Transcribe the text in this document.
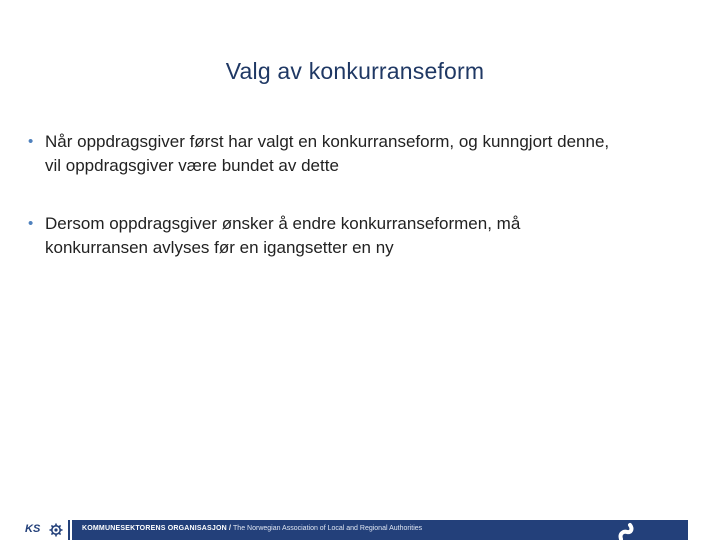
Valg av konkurranseform
• Når oppdragsgiver først har valgt en konkurranseform, og kunngjort denne,
vil oppdragsgiver være bundet av dette
• Dersom oppdragsgiver ønsker å endre konkurranseformen, må
konkurransen avlyses før en igangsetter en ny
KS	KOMMUNESEKTORENS ORGANISASJON / The Norwegian Association of Local and Regional Authorities
